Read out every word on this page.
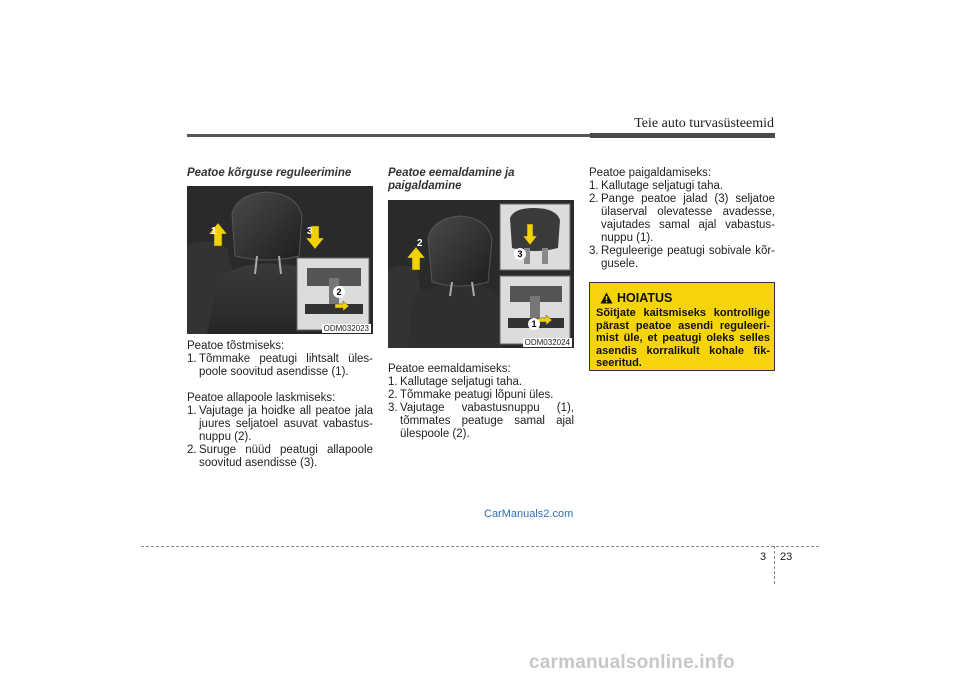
Teie auto turvasüsteemid
Peatoe kõrguse reguleerimine
1
2
3
ODM032023
Peatoe tõstmiseks:
1. Tõmmake peatugi lihtsalt üles-poole soovitud asendisse (1).
Peatoe allapoole laskmiseks:
1. Vajutage ja hoidke all peatoe jala juures seljatoel asuvat vabastus-nuppu (2).
2. Suruge nüüd peatugi allapoole soovitud asendisse (3).
Peatoe eemaldamine ja paigaldamine
2
3
1
ODM032024
Peatoe eemaldamiseks:
1. Kallutage seljatugi taha.
2. Tõmmake peatugi lõpuni üles.
3. Vajutage vabastusnuppu (1), tõmmates peatuge samal ajal ülespoole (2).
Peatoe paigaldamiseks:
1. Kallutage seljatugi taha.
2. Pange peatoe jalad (3) seljatoe ülaserval olevatesse avadesse, vajutades samal ajal vabastus-nuppu (1).
3. Reguleerige peatugi sobivale kõr-gusele.
HOIATUS
Sõitjate kaitsmiseks kontrollige pärast peatoe asendi reguleeri-mist üle, et peatugi oleks selles asendis korralikult kohale fik-seeritud.
CarManuals2.com
3 23
carmanualsonline.info
